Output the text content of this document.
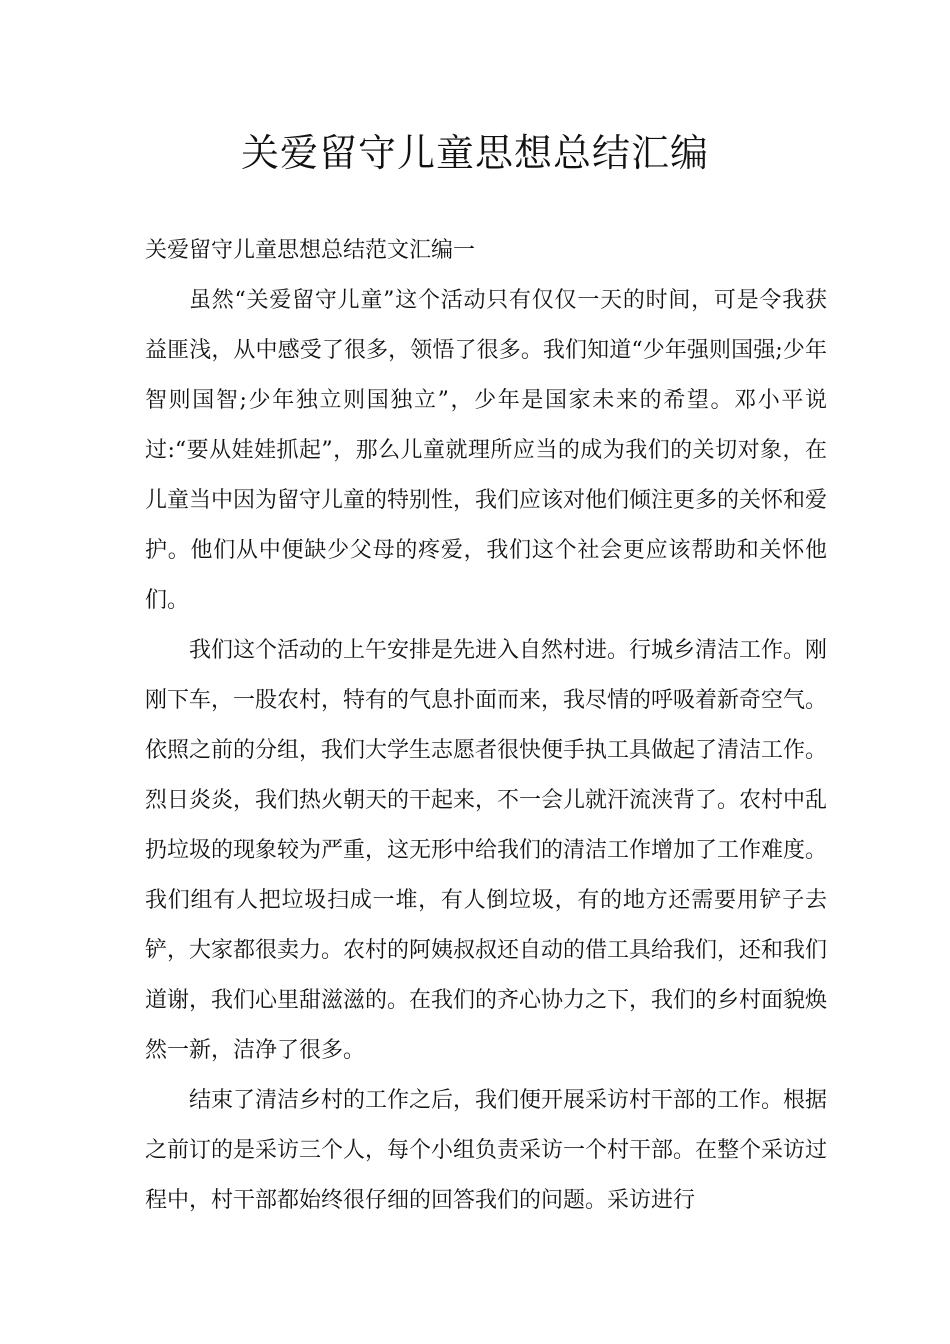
关爱留守儿童思想总结汇编

关爱留守儿童思想总结范文汇编一

虽然“关爱留守儿童”这个活动只有仅仅一天的时间，可是令我获益匪浅，从中感受了很多，领悟了很多。我们知道“少年强则国强;少年智则国智;少年独立则国独立”，少年是国家未来的希望。邓小平说过:“要从娃娃抓起”，那么儿童就理所应当的成为我们的关切对象，在儿童当中因为留守儿童的特别性，我们应该对他们倾注更多的关怀和爱护。他们从中便缺少父母的疼爱，我们这个社会更应该帮助和关怀他们。

我们这个活动的上午安排是先进入自然村进。行城乡清洁工作。刚刚下车，一股农村，特有的气息扑面而来，我尽情的呼吸着新奇空气。依照之前的分组，我们大学生志愿者很快便手执工具做起了清洁工作。烈日炎炎，我们热火朝天的干起来，不一会儿就汗流浃背了。农村中乱扔垃圾的现象较为严重，这无形中给我们的清洁工作增加了工作难度。我们组有人把垃圾扫成一堆，有人倒垃圾，有的地方还需要用铲子去铲，大家都很卖力。农村的阿姨叔叔还自动的借工具给我们，还和我们道谢，我们心里甜滋滋的。在我们的齐心协力之下，我们的乡村面貌焕然一新，洁净了很多。

结束了清洁乡村的工作之后，我们便开展采访村干部的工作。根据之前订的是采访三个人，每个小组负责采访一个村干部。在整个采访过程中，村干部都始终很仔细的回答我们的问题。采访进行
